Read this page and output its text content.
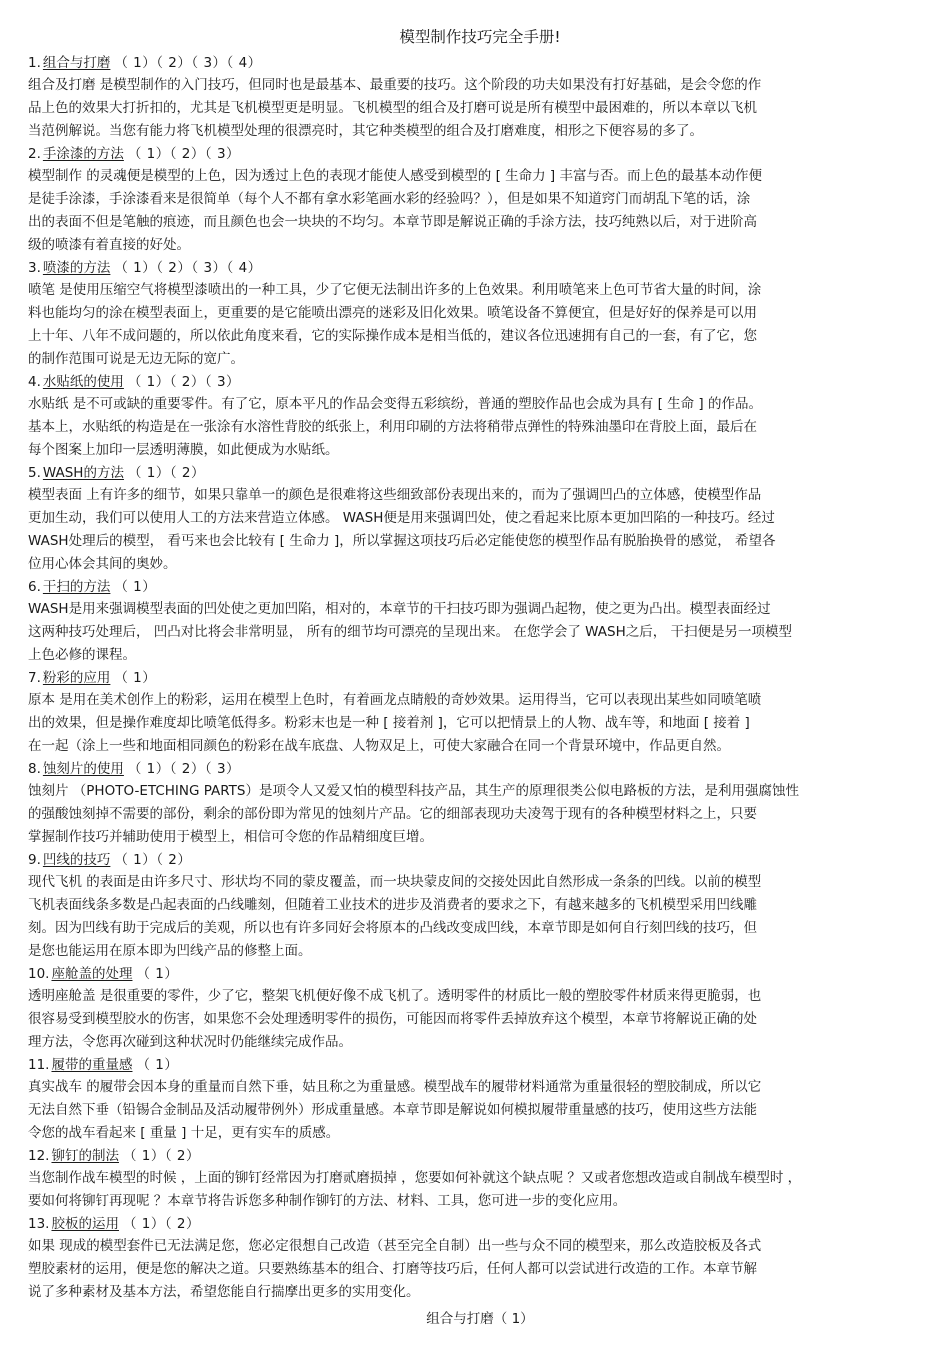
模型制作技巧完全手册!
1. 组合与打磨 （ 1）（ 2）（ 3）（ 4）
组合及打磨 是模型制作的入门技巧，但同时也是最基本、最重要的技巧。这个阶段的功夫如果没有打好基础，是会令您的作
品上色的效果大打折扣的，尤其是飞机模型更是明显。飞机模型的组合及打磨可说是所有模型中最困难的，所以本章以飞机
当范例解说。当您有能力将飞机模型处理的很漂亮时，其它种类模型的组合及打磨难度，相形之下便容易的多了。
2. 手涂漆的方法 （ 1）（ 2）（ 3）
模型制作 的灵魂便是模型的上色，因为透过上色的表现才能使人感受到模型的 [ 生命力 ] 丰富与否。而上色的最基本动作便
是徒手涂漆，手涂漆看来是很简单（每个人不都有拿水彩笔画水彩的经验吗？），但是如果不知道窍门而胡乱下笔的话，涂
出的表面不但是笔触的痕迹，而且颜色也会一块块的不均匀。本章节即是解说正确的手涂方法，技巧纯熟以后，对于进阶高
级的喷漆有着直接的好处。
3. 喷漆的方法 （ 1）（ 2）（ 3）（ 4）
喷笔 是使用压缩空气将模型漆喷出的一种工具，少了它便无法制出许多的上色效果。利用喷笔来上色可节省大量的时间，涂
料也能均匀的涂在模型表面上，更重要的是它能喷出漂亮的迷彩及旧化效果。喷笔设备不算便宜，但是好好的保养是可以用
上十年、八年不成问题的，所以依此角度来看，它的实际操作成本是相当低的，建议各位迅速拥有自己的一套，有了它，您
的制作范围可说是无边无际的宽广。
4. 水贴纸的使用 （ 1）（ 2）（ 3）
水贴纸 是不可或缺的重要零件。有了它，原本平凡的作品会变得五彩缤纷，普通的塑胶作品也会成为具有 [ 生命 ] 的作品。
基本上，水贴纸的构造是在一张涂有水溶性背胶的纸张上，利用印刷的方法将稍带点弹性的特殊油墨印在背胶上面，最后在
每个图案上加印一层透明薄膜，如此便成为水贴纸。
5. WASH的方法 （ 1）（ 2）
模型表面 上有许多的细节，如果只靠单一的颜色是很难将这些细致部份表现出来的，而为了强调凹凸的立体感，使模型作品
更加生动，我们可以使用人工的方法来营造立体感。 WASH便是用来强调凹处，使之看起来比原本更加凹陷的一种技巧。经过
WASH处理后的模型， 看丐来也会比较有 [ 生命力 ]，所以掌握这项技巧后必定能使您的模型作品有脱胎换骨的感觉， 希望各
位用心体会其间的奥妙。
6. 干扫的方法 （ 1）
WASH是用来强调模型表面的凹处使之更加凹陷，相对的，本章节的干扫技巧即为强调凸起物，使之更为凸出。模型表面经过
这两种技巧处理后， 凹凸对比将会非常明显， 所有的细节均可漂亮的呈现出来。 在您学会了 WASH之后， 干扫便是另一项模型
上色必修的课程。
7. 粉彩的应用 （ 1）
原本 是用在美术创作上的粉彩，运用在模型上色时，有着画龙点睛般的奇妙效果。运用得当，它可以表现出某些如同喷笔喷
出的效果，但是操作难度却比喷笔低得多。粉彩末也是一种 [ 接着剂 ]，它可以把情景上的人物、战车等，和地面 [ 接着 ]
在一起（涂上一些和地面相同颜色的粉彩在战车底盘、人物双足上，可使大家融合在同一个背景环境中，作品更自然。
8. 蚀刻片的使用 （ 1）（ 2）（ 3）
蚀刻片 （PHOTO-ETCHING PARTS）是项令人又爱又怕的模型科技产品，其生产的原理很类公似电路板的方法，是利用强腐蚀性
的强酸蚀刻掉不需要的部份，剩余的部份即为常见的蚀刻片产品。它的细部表现功夫凌驾于现有的各种模型材料之上，只要
掌握制作技巧并辅助使用于模型上，相信可令您的作品精细度巨增。
9. 凹线的技巧 （ 1）（ 2）
现代飞机 的表面是由许多尺寸、形状均不同的蒙皮覆盖，而一块块蒙皮间的交接处因此自然形成一条条的凹线。以前的模型
飞机表面线条多数是凸起表面的凸线雕刻，但随着工业技术的进步及消费者的要求之下，有越来越多的飞机模型采用凹线雕
刻。因为凹线有助于完成后的美观，所以也有许多同好会将原本的凸线改变成凹线，本章节即是如何自行刻凹线的技巧，但
是您也能运用在原本即为凹线产品的修整上面。
10. 座舱盖的处理 （ 1）
透明座舱盖 是很重要的零件，少了它，整架飞机便好像不成飞机了。透明零件的材质比一般的塑胶零件材质来得更脆弱，也
很容易受到模型胶水的伤害，如果您不会处理透明零件的损伤，可能因而将零件丢掉放弃这个模型，本章节将解说正确的处
理方法，令您再次碰到这种状况时仍能继续完成作品。
11. 履带的重量感 （ 1）
真实战车 的履带会因本身的重量而自然下垂，姑且称之为重量感。模型战车的履带材料通常为重量很轻的塑胶制成，所以它
无法自然下垂（铅锡合金制品及活动履带例外）形成重量感。本章节即是解说如何模拟履带重量感的技巧，使用这些方法能
令您的战车看起来 [ 重量 ] 十足，更有实车的质感。
12. 铆钉的制法 （ 1）（ 2）
当您制作战车模型的时候 ，上面的铆钉经常因为打磨贰磨损掉 ，您要如何补就这个缺点呢 ？又或者您想改造或自制战车模型时 ，
要如何将铆钉再现呢 ？本章节将告诉您多种制作铆钉的方法、材料、工具，您可进一步的变化应用。
13. 胶板的运用 （ 1）（ 2）
如果 现成的模型套件已无法满足您，您必定很想自己改造（甚至完全自制）出一些与众不同的模型来，那么改造胶板及各式
塑胶素材的运用，便是您的解决之道。只要熟练基本的组合、打磨等技巧后，任何人都可以尝试进行改造的工作。本章节解
说了多种素材及基本方法，希望您能自行揣摩出更多的实用变化。
组合与打磨（ 1）
